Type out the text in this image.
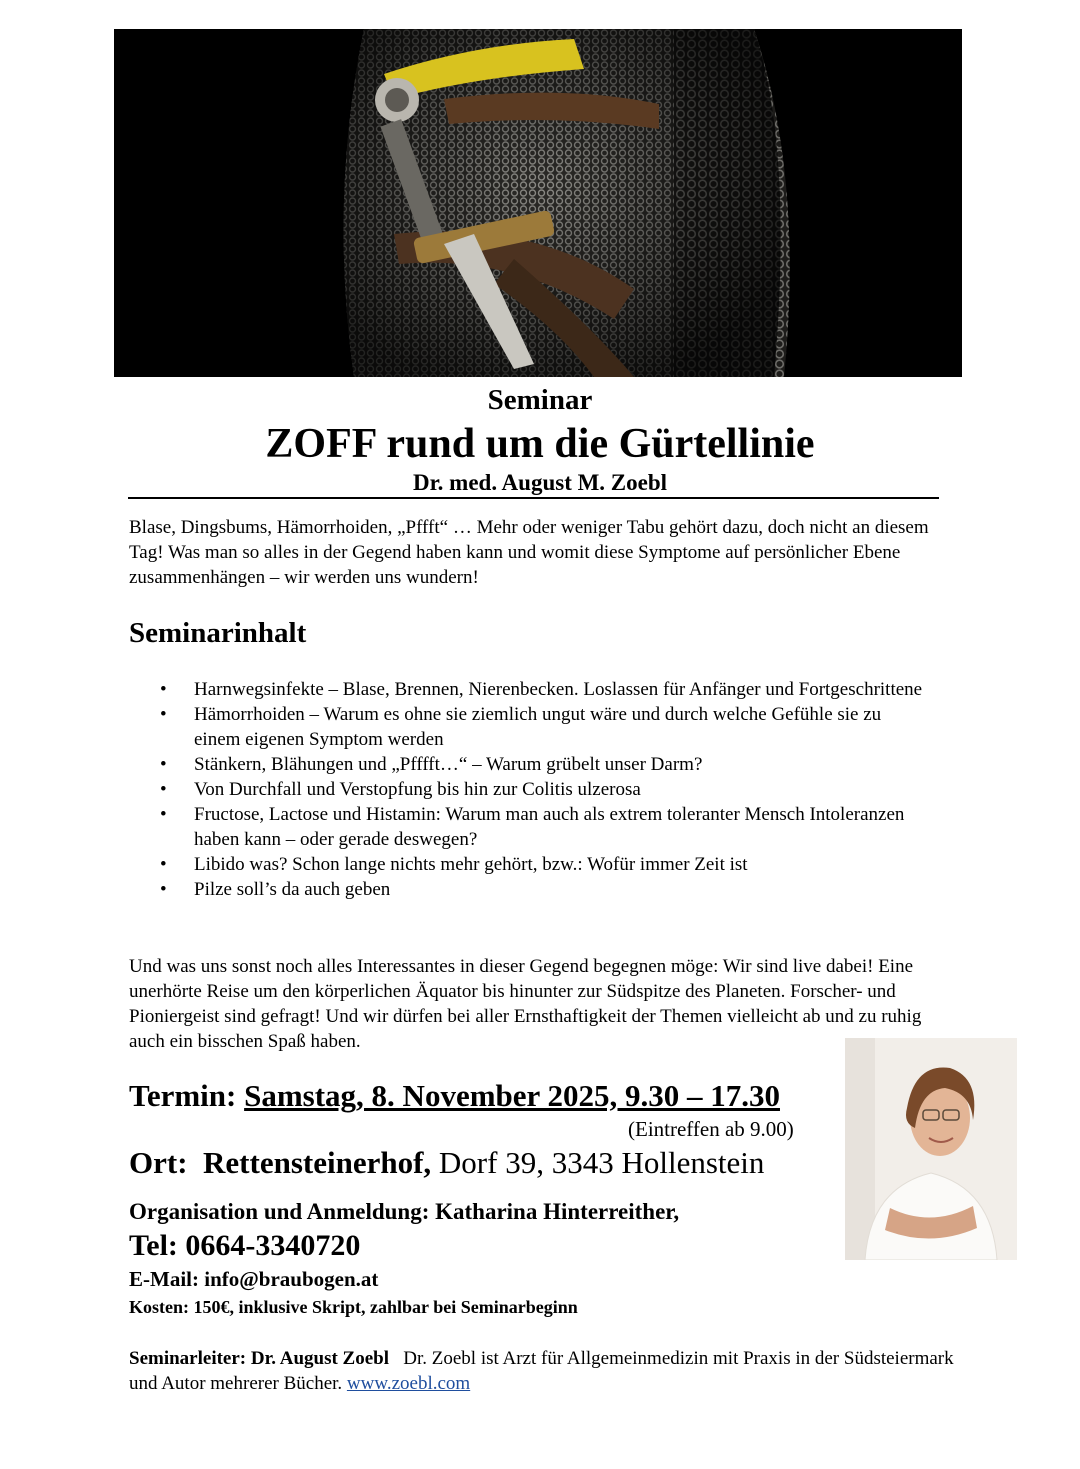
Seminar
ZOFF rund um die Gürtellinie
Dr. med. August M. Zoebl

Blase, Dingsbums, Hämorrhoiden, „Pffft“ … Mehr oder weniger Tabu gehört dazu, doch nicht an diesem Tag! Was man so alles in der Gegend haben kann und womit diese Symptome auf persönlicher Ebene zusammenhängen – wir werden uns wundern!

Seminarinhalt
• Harnwegsinfekte – Blase, Brennen, Nierenbecken. Loslassen für Anfänger und Fortgeschrittene
• Hämorrhoiden – Warum es ohne sie ziemlich ungut wäre und durch welche Gefühle sie zu einem eigenen Symptom werden
• Stänkern, Blähungen und „Pfffft…“ – Warum grübelt unser Darm?
• Von Durchfall und Verstopfung bis hin zur Colitis ulzerosa
• Fructose, Lactose und Histamin: Warum man auch als extrem toleranter Mensch Intoleranzen haben kann – oder gerade deswegen?
• Libido was? Schon lange nichts mehr gehört, bzw.: Wofür immer Zeit ist
• Pilze soll’s da auch geben

Und was uns sonst noch alles Interessantes in dieser Gegend begegnen möge: Wir sind live dabei! Eine unerhörte Reise um den körperlichen Äquator bis hinunter zur Südspitze des Planeten. Forscher- und Pioniergeist sind gefragt! Und wir dürfen bei aller Ernsthaftigkeit der Themen vielleicht ab und zu ruhig auch ein bisschen Spaß haben.

Termin: Samstag, 8. November 2025, 9.30 – 17.30

(Eintreffen ab 9.00)

Ort: Rettensteinerhof, Dorf 39, 3343 Hollenstein

Organisation und Anmeldung: Katharina Hinterreither,
Tel: 0664-3340720
E-Mail: info@braubogen.at
Kosten: 150€, inklusive Skript, zahlbar bei Seminarbeginn

Seminarleiter: Dr. August Zoebl Dr. Zoebl ist Arzt für Allgemeinmedizin mit Praxis in der Südsteiermark und Autor mehrerer Bücher. www.zoebl.com
